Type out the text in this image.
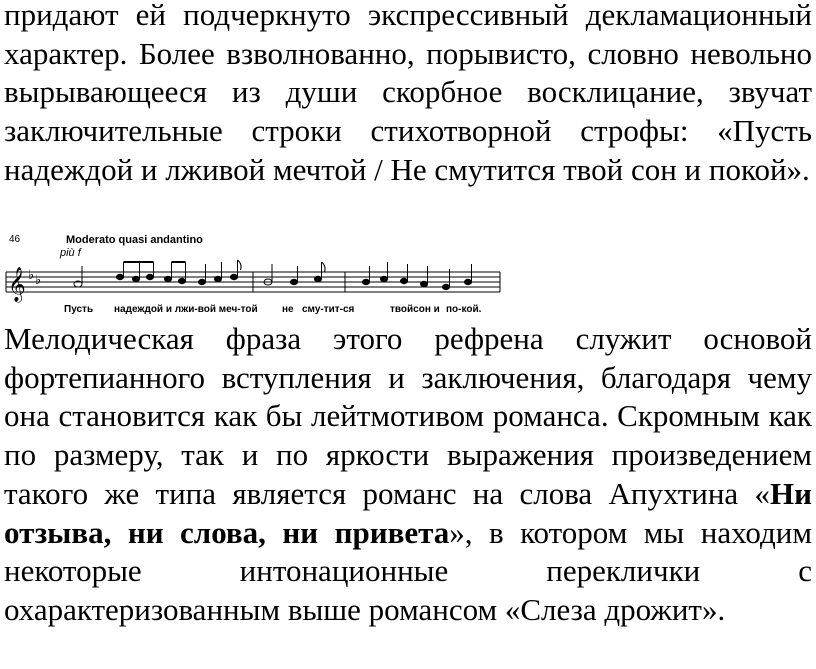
придают ей подчеркнуто экспрессивный декламационный характер. Более взволнованно, порывисто, словно невольно вырывающееся из души скорбное восклицание, звучат заключительные строки стихотворной строфы: «Пусть надеждой и лживой мечтой / Не смутится твой сон и покой».

46	Moderato quasi andantino
più f
𝄞 ♭ ♭
Пусть надеждой и лжи-вой меч-той не сму-тит-ся	твойсон и по-кой.

Мелодическая фраза этого рефрена служит основой фортепианного вступления и заключения, благодаря чему она становится как бы лейтмотивом романса. Скромным как по размеру, так и по яркости выражения произведением такого же типа является романс на слова Апухтина «Ни отзыва, ни слова, ни привета», в котором мы находим некоторые интонационные переклички с охарактеризованным выше романсом «Слеза дрожит».
